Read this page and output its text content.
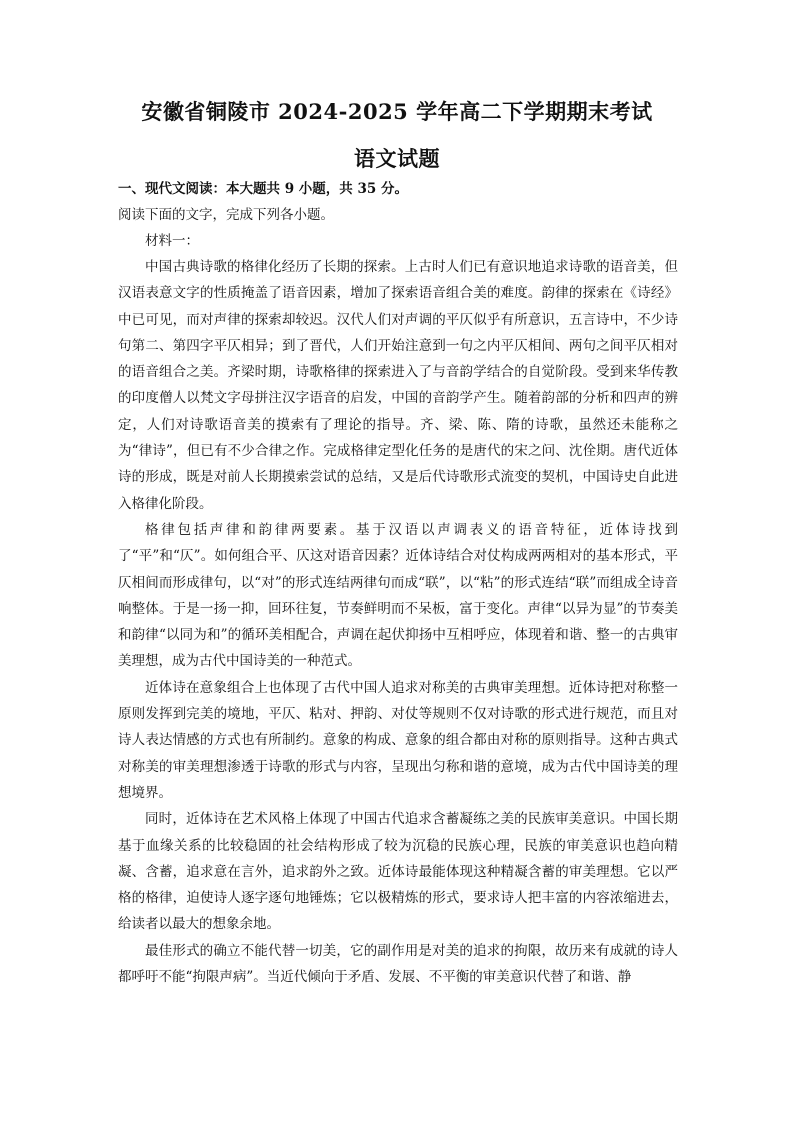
安徽省铜陵市 2024-2025 学年高二下学期期末考试
语文试题

一、现代文阅读：本大题共 9 小题，共 35 分。

阅读下面的文字，完成下列各小题。

材料一：

中国古典诗歌的格律化经历了长期的探索。上古时人们已有意识地追求诗歌的语音美，但汉语表意文字的性质掩盖了语音因素，增加了探索语音组合美的难度。韵律的探索在《诗经》中已可见，而对声律的探索却较迟。汉代人们对声调的平仄似乎有所意识，五言诗中，不少诗句第二、第四字平仄相异；到了晋代，人们开始注意到一句之内平仄相间、两句之间平仄相对的语音组合之美。齐梁时期，诗歌格律的探索进入了与音韵学结合的自觉阶段。受到来华传教的印度僧人以梵文字母拼注汉字语音的启发，中国的音韵学产生。随着韵部的分析和四声的辨定，人们对诗歌语音美的摸索有了理论的指导。齐、梁、陈、隋的诗歌，虽然还未能称之为“律诗”，但已有不少合律之作。完成格律定型化任务的是唐代的宋之问、沈佺期。唐代近体诗的形成，既是对前人长期摸索尝试的总结，又是后代诗歌形式流变的契机，中国诗史自此进入格律化阶段。

格律包括声律和韵律两要素。基于汉语以声调表义的语音特征，近体诗找到了“平”和“仄”。如何组合平、仄这对语音因素？近体诗结合对仗构成两两相对的基本形式，平仄相间而形成律句，以“对”的形式连结两律句而成“联”，以“粘”的形式连结“联”而组成全诗音响整体。于是一扬一抑，回环往复，节奏鲜明而不呆板，富于变化。声律“以异为显”的节奏美和韵律“以同为和”的循环美相配合，声调在起伏抑扬中互相呼应，体现着和谐、整一的古典审美理想，成为古代中国诗美的一种范式。

近体诗在意象组合上也体现了古代中国人追求对称美的古典审美理想。近体诗把对称整一原则发挥到完美的境地，平仄、粘对、押韵、对仗等规则不仅对诗歌的形式进行规范，而且对诗人表达情感的方式也有所制约。意象的构成、意象的组合都由对称的原则指导。这种古典式对称美的审美理想渗透于诗歌的形式与内容，呈现出匀称和谐的意境，成为古代中国诗美的理想境界。

同时，近体诗在艺术风格上体现了中国古代追求含蓄凝练之美的民族审美意识。中国长期基于血缘关系的比较稳固的社会结构形成了较为沉稳的民族心理，民族的审美意识也趋向精凝、含蓄，追求意在言外，追求韵外之致。近体诗最能体现这种精凝含蓄的审美理想。它以严格的格律，迫使诗人逐字逐句地锤炼；它以极精炼的形式，要求诗人把丰富的内容浓缩进去，给读者以最大的想象余地。

最佳形式的确立不能代替一切美，它的副作用是对美的追求的拘限，故历来有成就的诗人都呼吁不能“拘限声病”。当近代倾向于矛盾、发展、不平衡的审美意识代替了和谐、静
